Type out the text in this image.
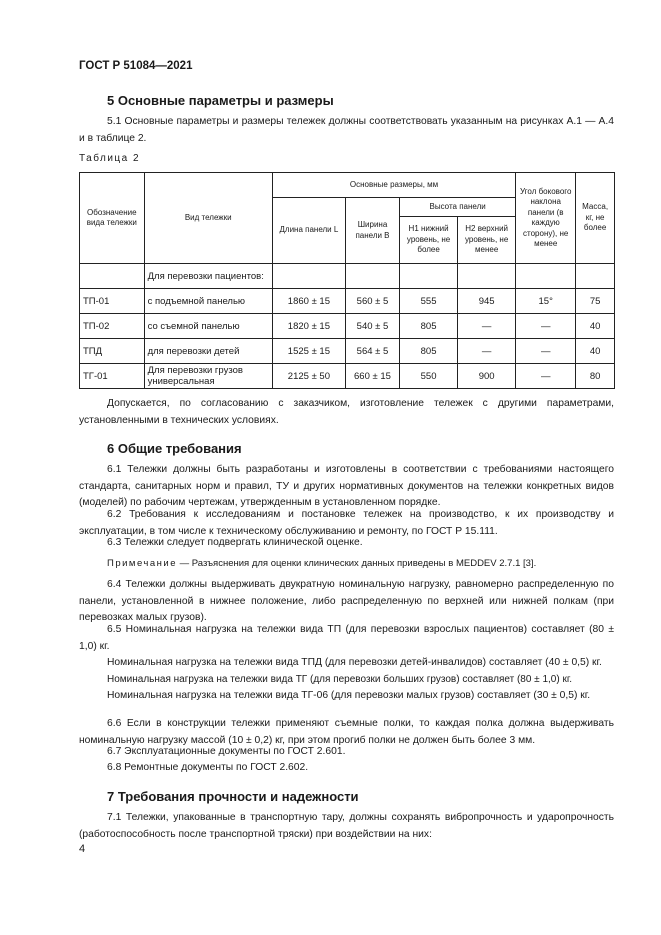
ГОСТ Р 51084—2021
5 Основные параметры и размеры
5.1 Основные параметры и размеры тележек должны соответствовать указанным на рисунках А.1 — А.4 и в таблице 2.
Таблица 2
Обозначение вида тележки	Вид тележки	Основные размеры, мм				Угол бокового наклона панели (в каждую сторону), не менее	Масса, кг, не более
		Длина панели L	Ширина панели B	Высота панели			
				H1 нижний уровень, не более	H2 верхний уровень, не менее		
	Для перевозки пациентов:						
ТП-01	с подъемной панелью	1860 ± 15	560 ± 5	555	945	15°	75
ТП-02	со съемной панелью	1820 ± 15	540 ± 5	805	—	—	40
ТПД	для перевозки детей	1525 ± 15	564 ± 5	805	—	—	40
ТГ-01	Для перевозки грузов универсальная	2125 ± 50	660 ± 15	550	900	—	80
Допускается, по согласованию с заказчиком, изготовление тележек с другими параметрами, установленными в технических условиях.
6 Общие требования
6.1 Тележки должны быть разработаны и изготовлены в соответствии с требованиями настоящего стандарта, санитарных норм и правил, ТУ и других нормативных документов на тележки конкретных видов (моделей) по рабочим чертежам, утвержденным в установленном порядке.
6.2 Требования к исследованиям и постановке тележек на производство, к их производству и эксплуатации, в том числе к техническому обслуживанию и ремонту, по ГОСТ Р 15.111.
6.3 Тележки следует подвергать клинической оценке.
Примечание — Разъяснения для оценки клинических данных приведены в MEDDEV 2.7.1 [3].
6.4 Тележки должны выдерживать двукратную номинальную нагрузку, равномерно распределенную по панели, установленной в нижнее положение, либо распределенную по верхней или нижней полкам (при перевозках малых грузов).
6.5 Номинальная нагрузка на тележки вида ТП (для перевозки взрослых пациентов) составляет (80 ± 1,0) кг.
Номинальная нагрузка на тележки вида ТПД (для перевозки детей-инвалидов) составляет (40 ± 0,5) кг.
Номинальная нагрузка на тележки вида ТГ (для перевозки больших грузов) составляет (80 ± 1,0) кг.
Номинальная нагрузка на тележки вида ТГ-06 (для перевозки малых грузов) составляет (30 ± 0,5) кг.
6.6 Если в конструкции тележки применяют съемные полки, то каждая полка должна выдерживать номинальную нагрузку массой (10 ± 0,2) кг, при этом прогиб полки не должен быть более 3 мм.
6.7 Эксплуатационные документы по ГОСТ 2.601.
6.8 Ремонтные документы по ГОСТ 2.602.
7 Требования прочности и надежности
7.1 Тележки, упакованные в транспортную тару, должны сохранять вибропрочность и ударопрочность (работоспособность после транспортной тряски) при воздействии на них:
4
